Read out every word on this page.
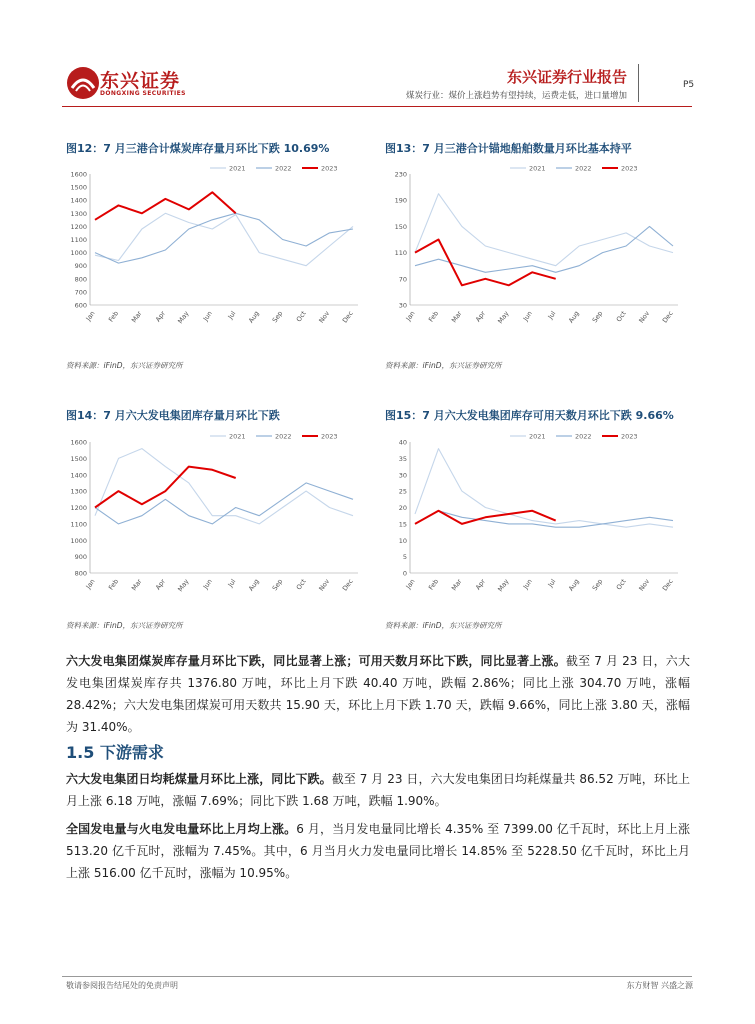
东兴证券
DONGXING SECURITIES
东兴证券行业报告
煤炭行业：煤价上涨趋势有望持续，运费走低，进口量增加
P5
图12：7 月三港合计煤炭库存量月环比下跌 10.69%	图13：7 月三港合计锚地船舶数量月环比基本持平
图14：7 月六大发电集团库存量月环比下跌	图15：7 月六大发电集团库存可用天数月环比下跌 9.66%
1600
1500
1400
1300
1200
1100
1000
900
800
700
600
Jan Feb Mar Apr May Jun Jul Aug Sep Oct Nov Dec
2021	2022	2023
230
190
150
110
70
30
Jan Feb Mar Apr May Jun Jul Aug Sep Oct Nov Dec
2021	2022	2023
1600
1500
1400
1300
1200
1100
1000
900
800
Jan Feb Mar Apr May Jun Jul Aug Sep Oct Nov Dec
2021	2022	2023
40
35
30
25
20
15
10
5
0
Jan Feb Mar Apr May Jun Jul Aug Sep Oct Nov Dec
2021	2022	2023
资料来源：iFinD，东兴证券研究所	资料来源：iFinD，东兴证券研究所
资料来源：iFinD，东兴证券研究所	资料来源：iFinD，东兴证券研究所
六大发电集团煤炭库存量月环比下跌，同比显著上涨；可用天数月环比下跌，同比显著上涨。截至 7 月 23 日，六大发电集团煤炭库存共 1376.80 万吨，环比上月下跌 40.40 万吨，跌幅 2.86%；同比上涨 304.70 万吨，涨幅 28.42%；六大发电集团煤炭可用天数共 15.90 天，环比上月下跌 1.70 天，跌幅 9.66%，同比上涨 3.80 天，涨幅为 31.40%。
1.5 下游需求
六大发电集团日均耗煤量月环比上涨，同比下跌。截至 7 月 23 日，六大发电集团日均耗煤量共 86.52 万吨，环比上月上涨 6.18 万吨，涨幅 7.69%；同比下跌 1.68 万吨，跌幅 1.90%。
全国发电量与火电发电量环比上月均上涨。6 月，当月发电量同比增长 4.35% 至 7399.00 亿千瓦时，环比上月上涨 513.20 亿千瓦时，涨幅为 7.45%。其中，6 月当月火力发电量同比增长 14.85% 至 5228.50 亿千瓦时，环比上月上涨 516.00 亿千瓦时，涨幅为 10.95%。
敬请参阅报告结尾处的免责声明	东方财智 兴盛之源
